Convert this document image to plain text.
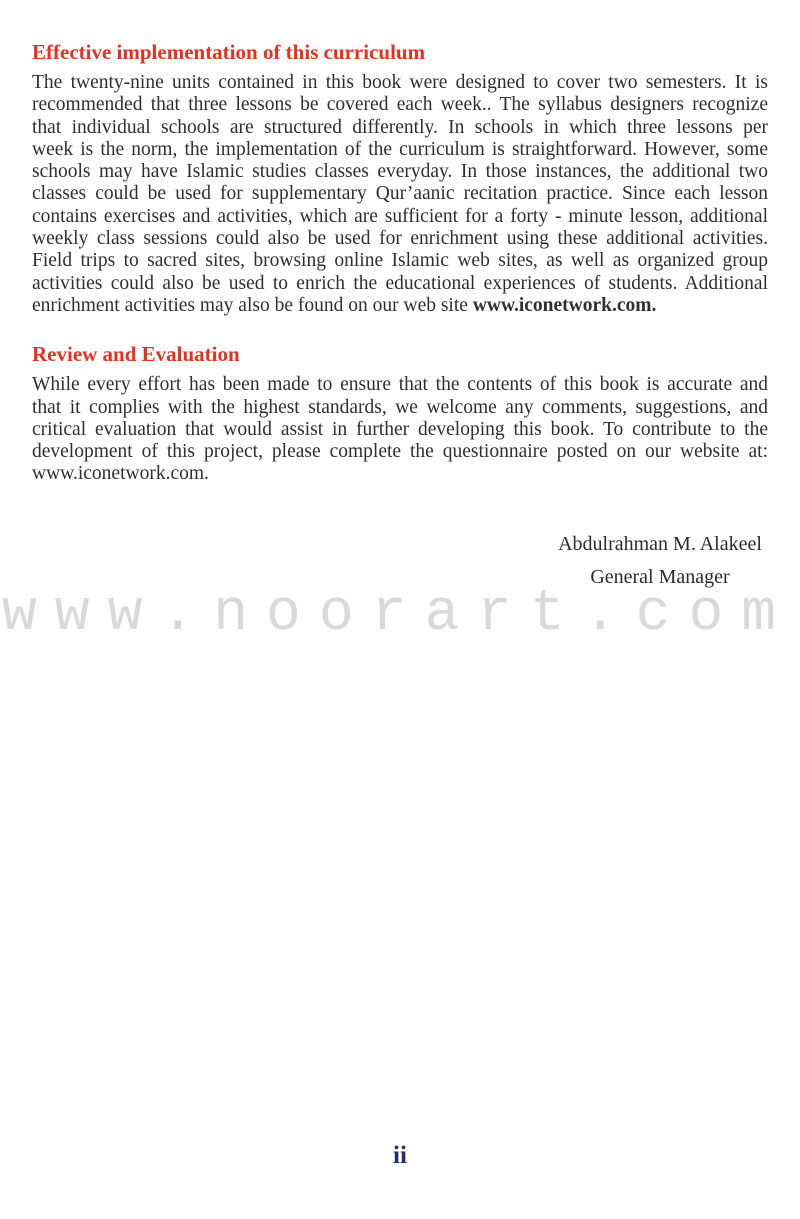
Effective implementation of this curriculum
The twenty-nine units contained in this book were designed to cover two semesters. It is
recommended that three lessons be covered each week.. The syllabus designers recognize
that individual schools are structured differently. In schools in which three lessons per
week is the norm, the implementation of the curriculum is straightforward. However, some
schools may have Islamic studies classes everyday. In those instances, the additional two
classes could be used for supplementary Qur’aanic recitation practice. Since each lesson
contains exercises and activities, which are sufficient for a forty - minute lesson, additional
weekly class sessions could also be used for enrichment using these additional activities.
Field trips to sacred sites, browsing online Islamic web sites, as well as organized group
activities could also be used to enrich the educational experiences of students. Additional
enrichment activities may also be found on our web site www.iconetwork.com.
Review and Evaluation
While every effort has been made to ensure that the contents of this book is accurate and
that it complies with the highest standards, we welcome any comments, suggestions, and
critical evaluation that would assist in further developing this book. To contribute to the
development of this project, please complete the questionnaire posted on our website at:
www.iconetwork.com.
Abdulrahman M. Alakeel
General Manager
www.noorart.com
ii
